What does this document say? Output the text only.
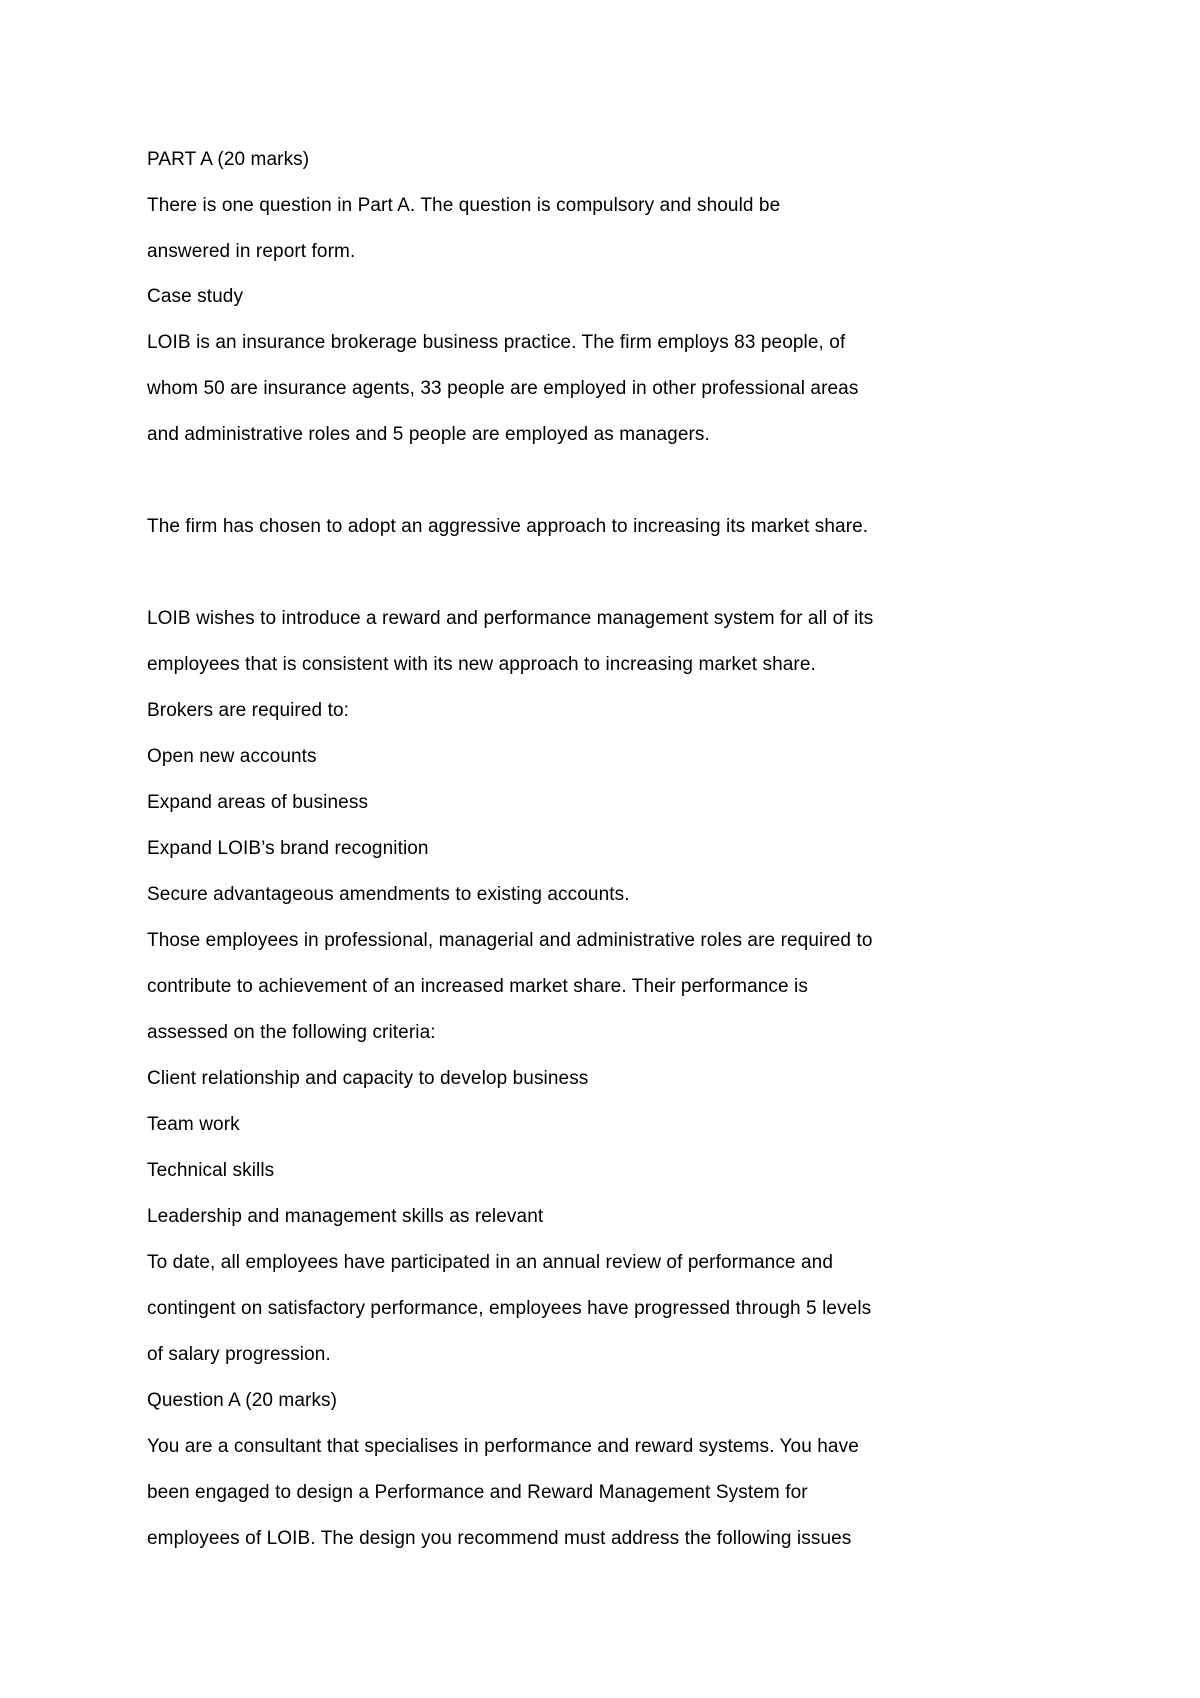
PART A (20 marks)
There is one question in Part A. The question is compulsory and should be
answered in report form.
Case study
LOIB is an insurance brokerage business practice. The firm employs 83 people, of
whom 50 are insurance agents, 33 people are employed in other professional areas
and administrative roles and 5 people are employed as managers.
The firm has chosen to adopt an aggressive approach to increasing its market share.
LOIB wishes to introduce a reward and performance management system for all of its
employees that is consistent with its new approach to increasing market share.
Brokers are required to:
Open new accounts
Expand areas of business
Expand LOIB’s brand recognition
Secure advantageous amendments to existing accounts.
Those employees in professional, managerial and administrative roles are required to
contribute to achievement of an increased market share. Their performance is
assessed on the following criteria:
Client relationship and capacity to develop business
Team work
Technical skills
Leadership and management skills as relevant
To date, all employees have participated in an annual review of performance and
contingent on satisfactory performance, employees have progressed through 5 levels
of salary progression.
Question A (20 marks)
You are a consultant that specialises in performance and reward systems. You have
been engaged to design a Performance and Reward Management System for
employees of LOIB. The design you recommend must address the following issues
